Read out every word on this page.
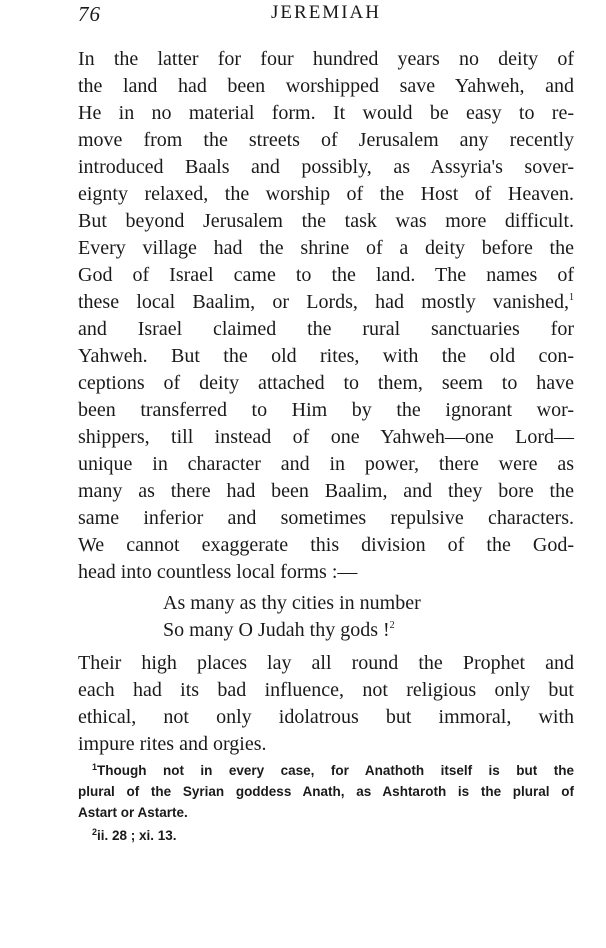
76	JEREMIAH
In the latter for four hundred years no deity of
the land had been worshipped save Yahweh, and
He in no material form. It would be easy to re-
move from the streets of Jerusalem any recently
introduced Baals and possibly, as Assyria's sover-
eignty relaxed, the worship of the Host of Heaven.
But beyond Jerusalem the task was more difficult.
Every village had the shrine of a deity before the
God of Israel came to the land. The names of
these local Baalim, or Lords, had mostly vanished,$^1$
and Israel claimed the rural sanctuaries for
Yahweh. But the old rites, with the old con-
ceptions of deity attached to them, seem to have
been transferred to Him by the ignorant wor-
shippers, till instead of one Yahweh—one Lord—
unique in character and in power, there were as
many as there had been Baalim, and they bore the
same inferior and sometimes repulsive characters.
We cannot exaggerate this division of the God-
head into countless local forms :—
As many as thy cities in number
So many O Judah thy gods !$^2$
Their high places lay all round the Prophet and
each had its bad influence, not religious only but
ethical, not only idolatrous but immoral, with
impure rites and orgies.
$^1$Though not in every case, for Anathoth itself is but the
plural of the Syrian goddess Anath, as Ashtaroth is the plural of
Astart or Astarte.
$^2$ii. 28 ; xi. 13.
